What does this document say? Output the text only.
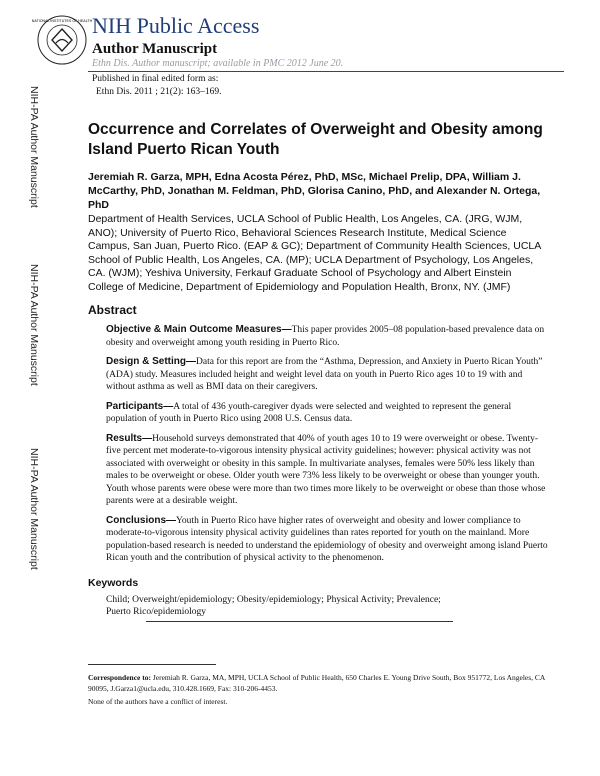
NATIONAL INSTITUTES OF HEALTH NIH Public Access
Author Manuscript
Ethn Dis. Author manuscript; available in PMC 2012 June 20.
Published in final edited form as:
Ethn Dis. 2011 ; 21(2): 163–169.
NIH-PA Author Manuscript
NIH-PA Author Manuscript
NIH-PA Author Manuscript
Occurrence and Correlates of Overweight and Obesity among Island Puerto Rican Youth
Jeremiah R. Garza, MPH, Edna Acosta Pérez, PhD, MSc, Michael Prelip, DPA, William J. McCarthy, PhD, Jonathan M. Feldman, PhD, Glorisa Canino, PhD, and Alexander N. Ortega, PhD
Department of Health Services, UCLA School of Public Health, Los Angeles, CA. (JRG, WJM, ANO); University of Puerto Rico, Behavioral Sciences Research Institute, Medical Science Campus, San Juan, Puerto Rico. (EAP & GC); Department of Community Health Sciences, UCLA School of Public Health, Los Angeles, CA. (MP); UCLA Department of Psychology, Los Angeles, CA. (WJM); Yeshiva University, Ferkauf Graduate School of Psychology and Albert Einstein College of Medicine, Department of Epidemiology and Population Health, Bronx, NY. (JMF)
Abstract
Objective & Main Outcome Measures—This paper provides 2005–08 population-based prevalence data on obesity and overweight among youth residing in Puerto Rico.
Design & Setting—Data for this report are from the “Asthma, Depression, and Anxiety in Puerto Rican Youth” (ADA) study. Measures included height and weight level data on youth in Puerto Rico ages 10 to 19 with and without asthma as well as BMI data on their caregivers.
Participants—A total of 436 youth-caregiver dyads were selected and weighted to represent the general population of youth in Puerto Rico using 2008 U.S. Census data.
Results—Household surveys demonstrated that 40% of youth ages 10 to 19 were overweight or obese. Twenty-five percent met moderate-to-vigorous intensity physical activity guidelines; however: physical activity was not associated with overweight or obesity in this sample. In multivariate analyses, females were 50% less likely than males to be overweight or obese. Older youth were 73% less likely to be overweight or obese than younger youth. Youth whose parents were obese were more than two times more likely to be overweight or obese than those whose parents were at a desirable weight.
Conclusions—Youth in Puerto Rico have higher rates of overweight and obesity and lower compliance to moderate-to-vigorous intensity physical activity guidelines than rates reported for youth on the mainland. More population-based research is needed to understand the epidemiology of obesity and overweight among island Puerto Rican youth and the contribution of physical activity to the phenomenon.
Keywords
Child; Overweight/epidemiology; Obesity/epidemiology; Physical Activity; Prevalence; Puerto Rico/epidemiology
Correspondence to: Jeremiah R. Garza, MA, MPH, UCLA School of Public Health, 650 Charles E. Young Drive South, Box 951772, Los Angeles, CA 90095, J.Garza1@ucla.edu, 310.428.1669, Fax: 310-206-4453.
None of the authors have a conflict of interest.
